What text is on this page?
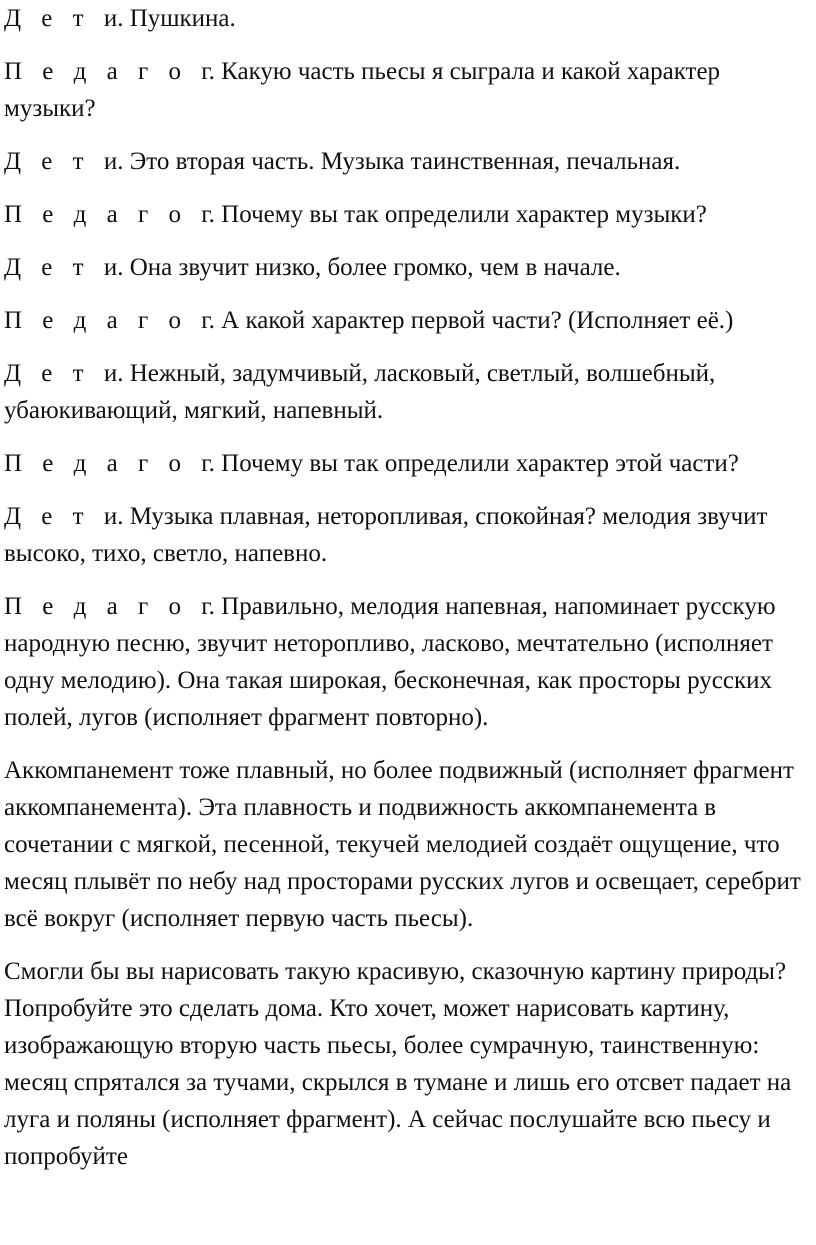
Д е т и. Пушкина.

П е д а г о г. Какую часть пьесы я сыграла и какой характер музыки?

Д е т и. Это вторая часть. Музыка таинственная, печальная.

П е д а г о г. Почему вы так определили характер музыки?

Д е т и. Она звучит низко, более громко, чем в начале.

П е д а г о г. А какой характер первой части? (Исполняет её.)

Д е т и. Нежный, задумчивый, ласковый, светлый, волшебный, убаюкивающий, мягкий, напевный.

П е д а г о г. Почему вы так определили характер этой части?

Д е т и. Музыка плавная, неторопливая, спокойная? мелодия звучит высоко, тихо, светло, напевно.

П е д а г о г. Правильно, мелодия напевная, напоминает русскую народную песню, звучит неторопливо, ласково, мечтательно (исполняет одну мелодию). Она такая широкая, бесконечная, как просторы русских полей, лугов (исполняет фрагмент повторно).

Аккомпанемент тоже плавный, но более подвижный (исполняет фрагмент аккомпанемента). Эта плавность и подвижность аккомпанемента в сочетании с мягкой, песенной, текучей мелодией создаёт ощущение, что месяц плывёт по небу над просторами русских лугов и освещает, серебрит всё вокруг (исполняет первую часть пьесы).

Смогли бы вы нарисовать такую красивую, сказочную картину природы? Попробуйте это сделать дома. Кто хочет, может нарисовать картину, изображающую вторую часть пьесы, более сумрачную, таинственную: месяц спрятался за тучами, скрылся в тумане и лишь его отсвет падает на луга и поляны (исполняет фрагмент). А сейчас послушайте всю пьесу и попробуйте
